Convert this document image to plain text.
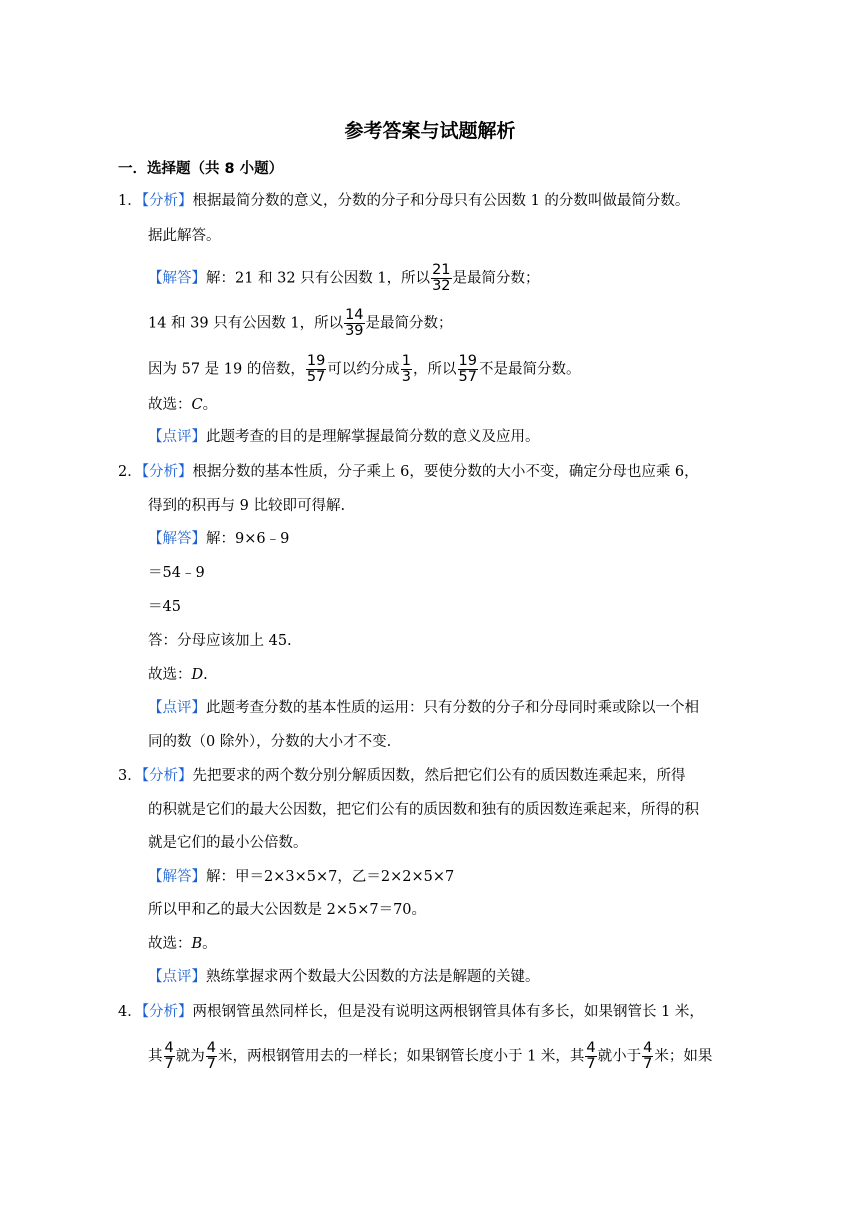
参考答案与试题解析
一．选择题（共 8 小题）
1．【分析】根据最简分数的意义，分数的分子和分母只有公因数 1 的分数叫做最简分数。
据此解答。
【解答】解：21 和 32 只有公因数 1，所以 $\frac{21}{32}$ 是最简分数；
14 和 39 只有公因数 1，所以 $\frac{14}{39}$ 是最简分数；
因为 57 是 19 的倍数， $\frac{19}{57}$ 可以约分成 $\frac{1}{3}$ ，所以 $\frac{19}{57}$ 不是最简分数。
故选：C。
【点评】此题考查的目的是理解掌握最简分数的意义及应用。
2．【分析】根据分数的基本性质，分子乘上 6，要使分数的大小不变，确定分母也应乘 6，
得到的积再与 9 比较即可得解.
【解答】解：9×6﹣9
＝54﹣9
＝45
答：分母应该加上 45.
故选：D.
【点评】此题考查分数的基本性质的运用：只有分数的分子和分母同时乘或除以一个相
同的数（0 除外），分数的大小才不变.
3．【分析】先把要求的两个数分别分解质因数，然后把它们公有的质因数连乘起来，所得
的积就是它们的最大公因数，把它们公有的质因数和独有的质因数连乘起来，所得的积
就是它们的最小公倍数。
【解答】解：甲＝2×3×5×7，乙＝2×2×5×7
所以甲和乙的最大公因数是 2×5×7＝70。
故选：B。
【点评】熟练掌握求两个数最大公因数的方法是解题的关键。
4．【分析】两根钢管虽然同样长，但是没有说明这两根钢管具体有多长，如果钢管长 1 米，
其 $\frac{4}{7}$ 就为 $\frac{4}{7}$ 米，两根钢管用去的一样长；如果钢管长度小于 1 米，其 $\frac{4}{7}$ 就小于 $\frac{4}{7}$ 米；如果
